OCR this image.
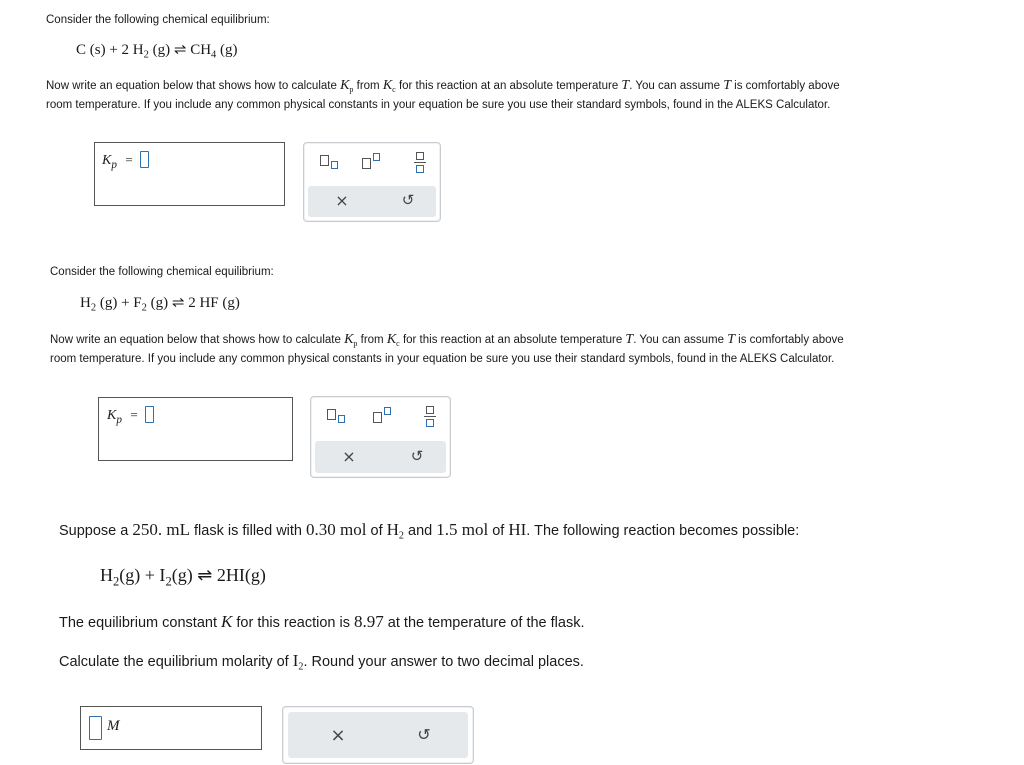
Consider the following chemical equilibrium:
C (s) + 2 $H_2$ (g) ⇌ $CH_4$ (g)
Now write an equation below that shows how to calculate $K_p$ from $K_c$ for this reaction at an absolute temperature T. You can assume T is comfortably above
room temperature. If you include any common physical constants in your equation be sure you use their standard symbols, found in the ALEKS Calculator.
$K_p$ =
×	↺
Consider the following chemical equilibrium:
$H_2$ $(g) + F_2$ (g) ⇌ 2 HF (g)
Now write an equation below that shows how to calculate $K_p$ from $K_c$ for this reaction at an absolute temperature T. You can assume T is comfortably above
room temperature. If you include any common physical constants in your equation be sure you use their standard symbols, found in the ALEKS Calculator.
$K_p$ =
×	↺
Suppose a 250. mL flask is filled with 0.30 mol of $H_2$ and 1.5 mol of HI. The following reaction becomes possible:
$H_2(g) + I_2(g)$ ⇌ 2HI(g)
The equilibrium constant K for this reaction is 8.97 at the temperature of the flask.
Calculate the equilibrium molarity of $I_2$. Round your answer to two decimal places.
M	×	↺
